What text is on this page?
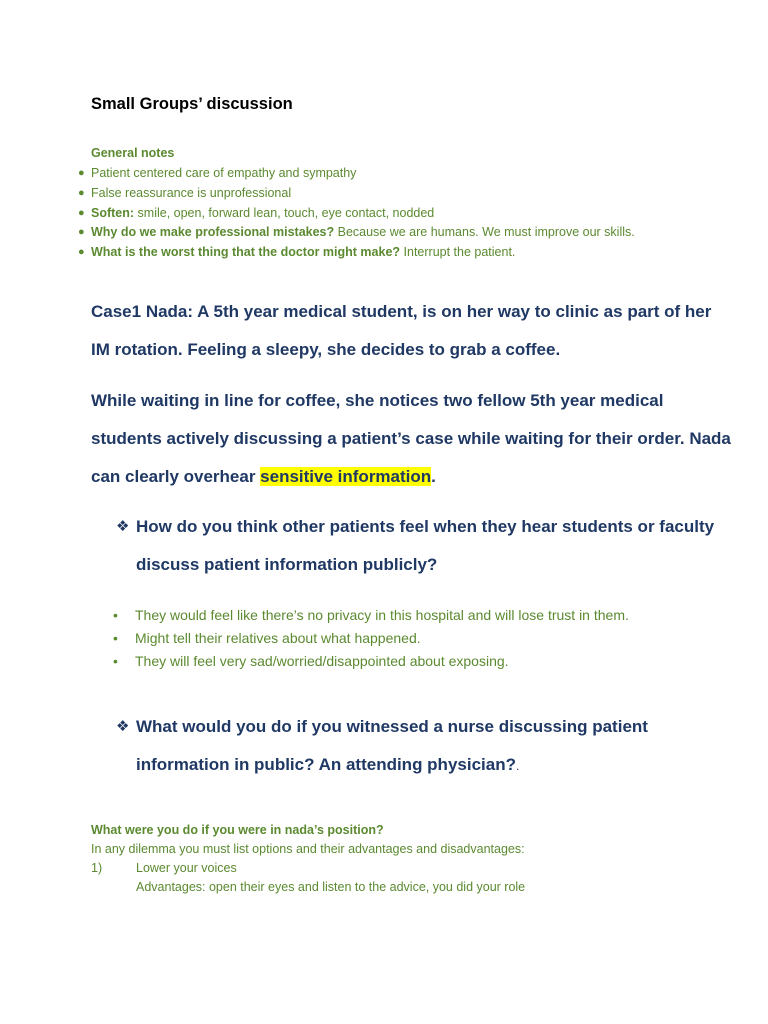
Small Groups’ discussion
General notes
● Patient centered care of empathy and sympathy
● False reassurance is unprofessional
● Soften: smile, open, forward lean, touch, eye contact, nodded
● Why do we make professional mistakes? Because we are humans. We must improve our skills.
● What is the worst thing that the doctor might make? Interrupt the patient.
Case1 Nada: A 5th year medical student, is on her way to clinic as part of her IM rotation. Feeling a sleepy, she decides to grab a coffee.
While waiting in line for coffee, she notices two fellow 5th year medical students actively discussing a patient’s case while waiting for their order. Nada can clearly overhear sensitive information.
❖ How do you think other patients feel when they hear students or faculty discuss patient information publicly?
• They would feel like there’s no privacy in this hospital and will lose trust in them.
• Might tell their relatives about what happened.
• They will feel very sad/worried/disappointed about exposing.
❖ What would you do if you witnessed a nurse discussing patient information in public? An attending physician?.
What were you do if you were in nada’s position?
In any dilemma you must list options and their advantages and disadvantages:
1)	Lower your voices
Advantages: open their eyes and listen to the advice, you did your role
